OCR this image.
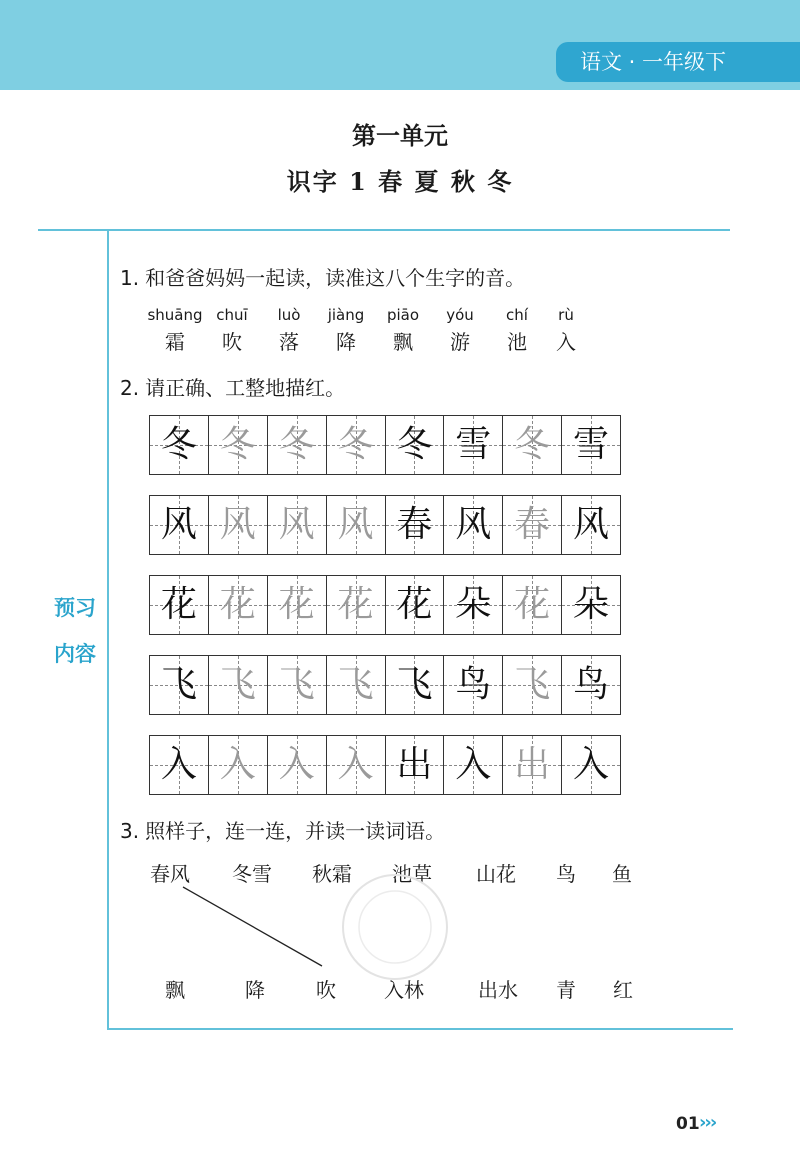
语文 · 一年级下
第一单元
识字 1 春 夏 秋 冬
预习
内容
1. 和爸爸妈妈一起读，读准这八个生字的音。
shuāng chuī	luò	jiàng	piāo	yóu	chí	rù
霜	吹	落	降	飘	游	池	入
2. 请正确、工整地描红。
冬 冬 冬 冬 冬 雪 冬 雪
风 风 风 风 春 风 春 风
花 花 花 花 花 朵 花 朵
飞 飞 飞 飞 飞 鸟 飞 鸟
入 入 入 入 出 入 出 入
3. 照样子，连一连，并读一读词语。
春风 冬雪 秋霜 池草 山花 鸟 鱼
飘	降	吹 入林	出水 青 红
01 ›››
